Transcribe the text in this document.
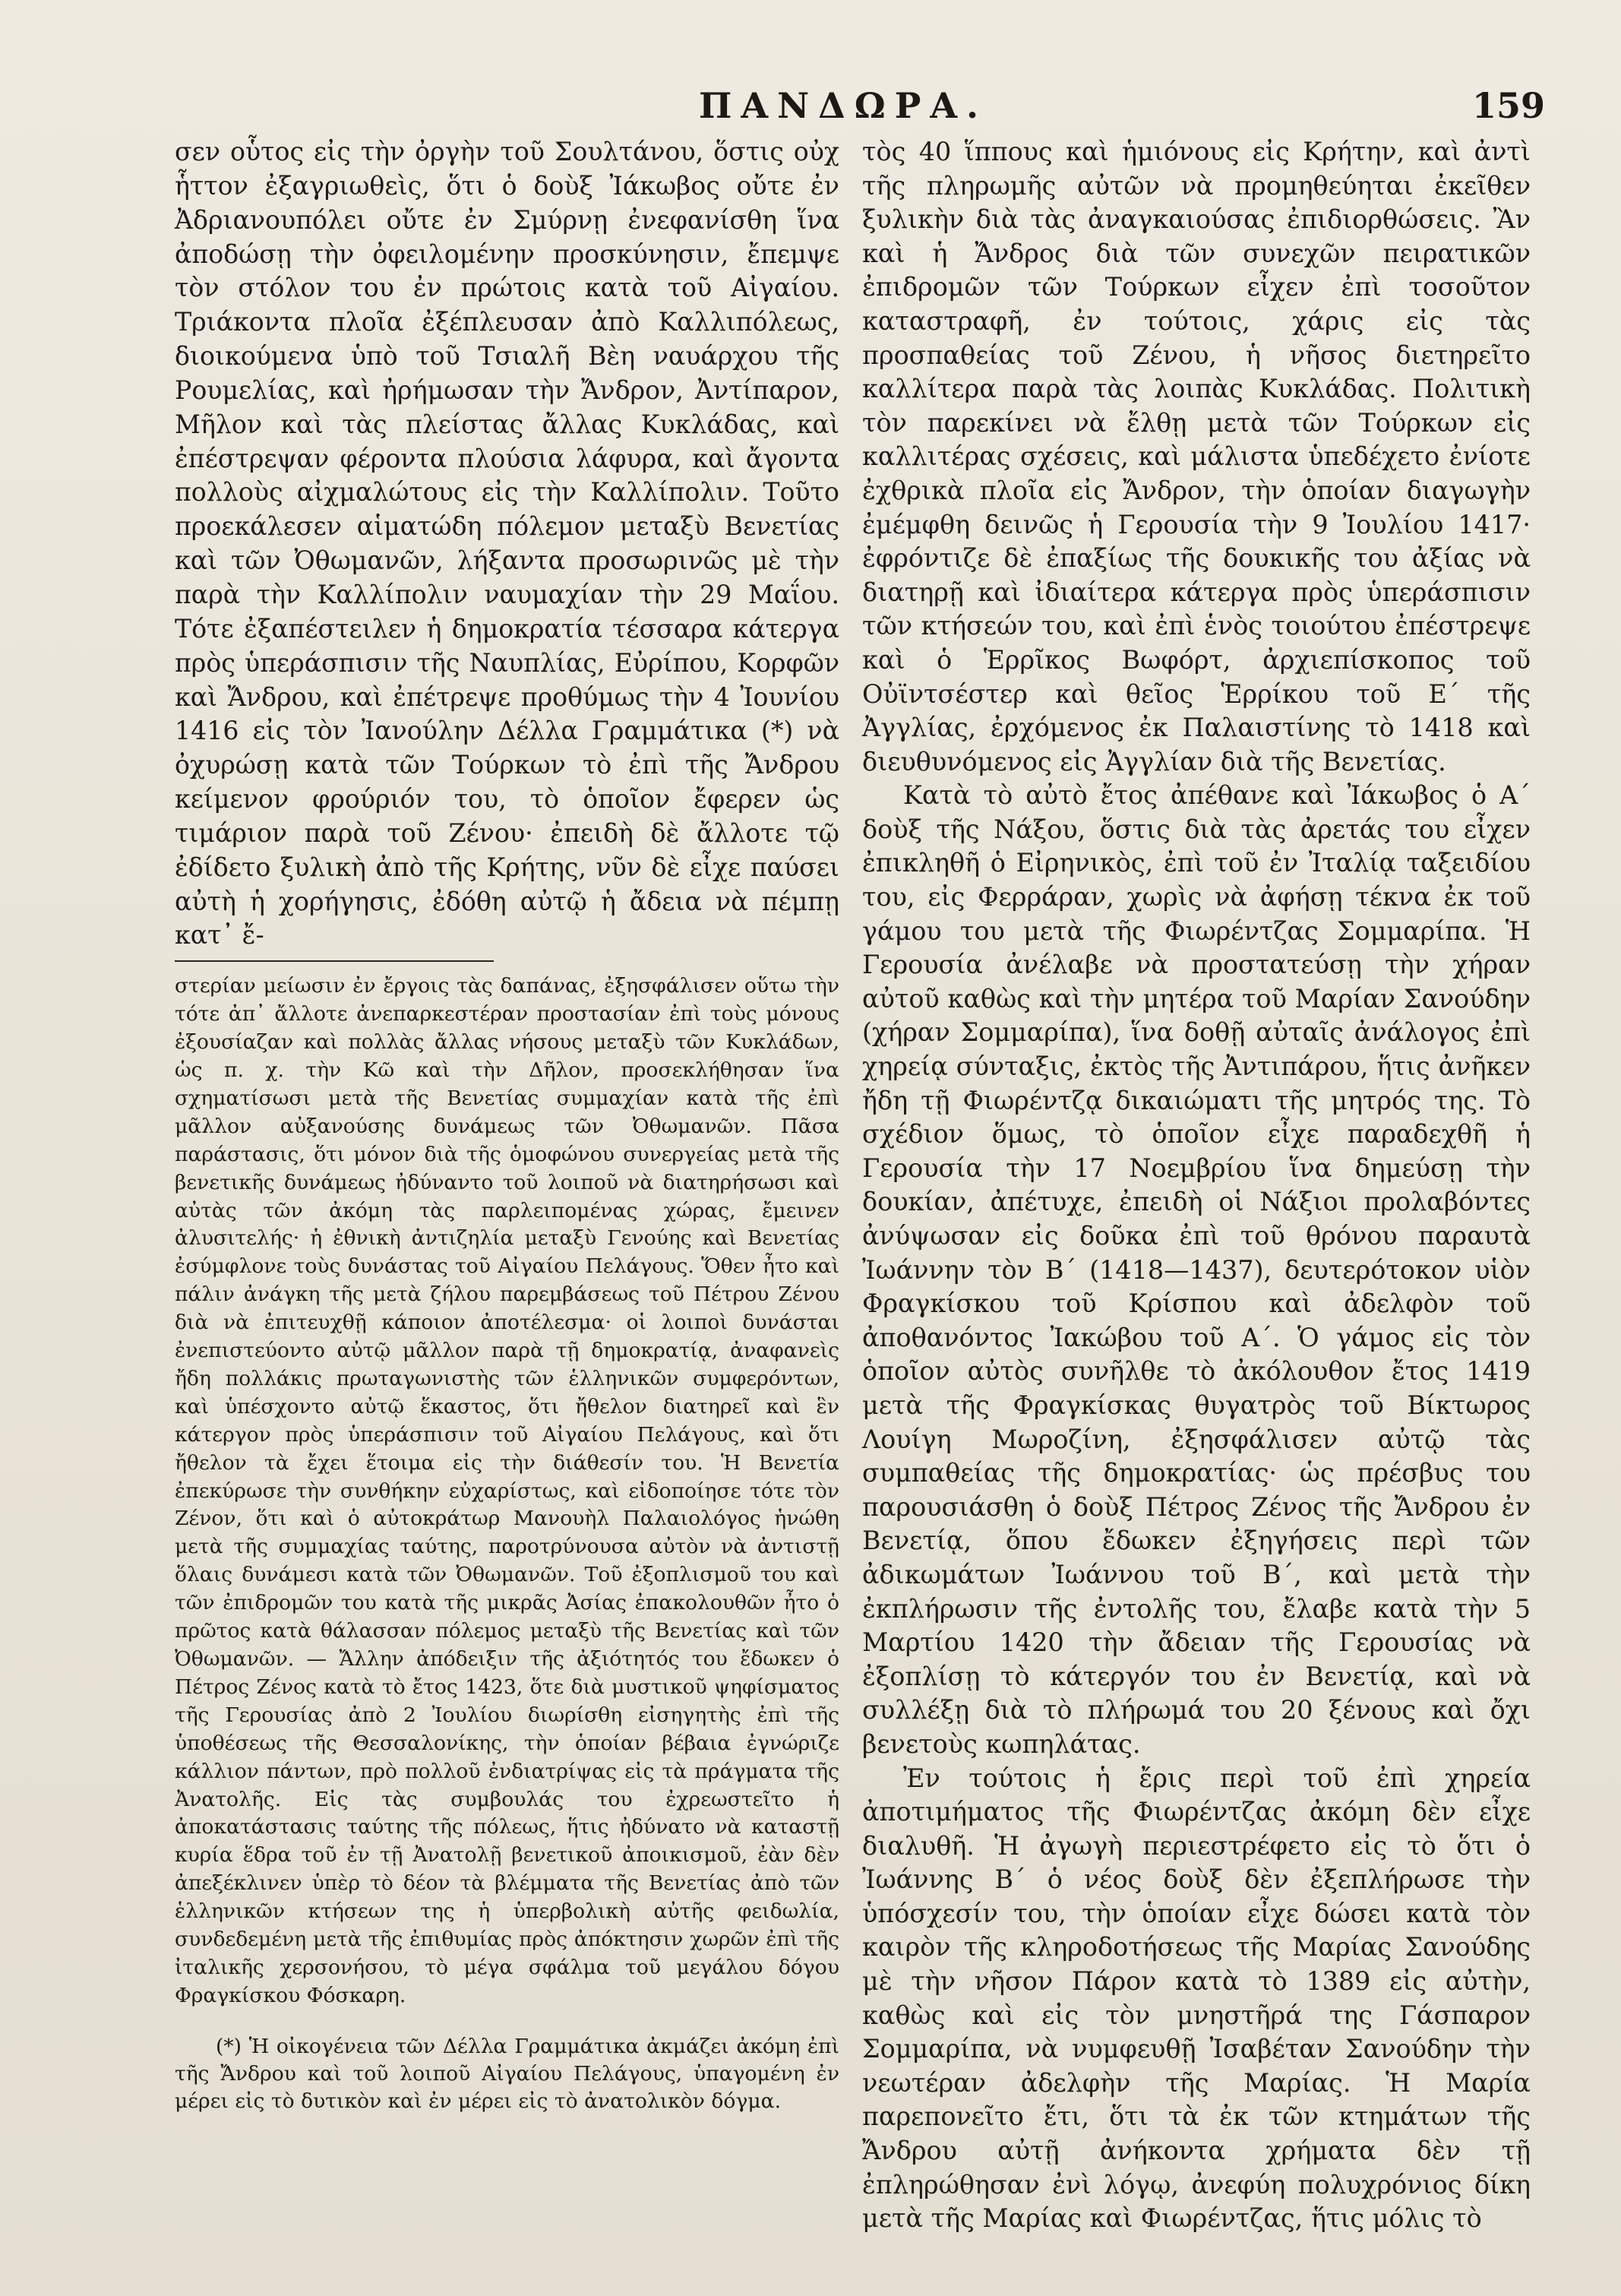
ΠΑΝΔΩΡΑ.	159

σεν οὗτος εἰς τὴν ὀργὴν τοῦ Σουλτάνου, ὅστις οὐχ ἧττον ἐξαγριωθεὶς, ὅτι ὁ δοὺξ Ἰάκωβος οὔτε ἐν Ἀδριανουπόλει οὔτε ἐν Σμύρνῃ ἐνεφανίσθη ἵνα ἀποδώσῃ τὴν ὀφειλομένην προσκύνησιν, ἔπεμψε τὸν στόλον του ἐν πρώτοις κατὰ τοῦ Αἰγαίου. Τριάκοντα πλοῖα ἐξέπλευσαν ἀπὸ Καλλιπόλεως, διοικούμενα ὑπὸ τοῦ Τσιαλῆ Βὲη ναυάρχου τῆς Ρουμελίας, καὶ ἠρήμωσαν τὴν Ἄνδρον, Ἀντίπαρον, Μῆλον καὶ τὰς πλείστας ἄλλας Κυκλάδας, καὶ ἐπέστρεψαν φέροντα πλούσια λάφυρα, καὶ ἄγοντα πολλοὺς αἰχμαλώτους εἰς τὴν Καλλίπολιν. Τοῦτο προεκάλεσεν αἱματώδη πόλεμον μεταξὺ Βενετίας καὶ τῶν Ὀθωμανῶν, λήξαντα προσωρινῶς μὲ τὴν παρὰ τὴν Καλλίπολιν ναυμαχίαν τὴν 29 Μαΐου. Τότε ἐξαπέστειλεν ἡ δημοκρατία τέσσαρα κάτεργα πρὸς ὑπεράσπισιν τῆς Ναυπλίας, Εὐρίπου, Κορφῶν καὶ Ἄνδρου, καὶ ἐπέτρεψε προθύμως τὴν 4 Ἰουνίου 1416 εἰς τὸν Ἰανούλην Δέλλα Γραμμάτικα (*) νὰ ὀχυρώσῃ κατὰ τῶν Τούρκων τὸ ἐπὶ τῆς Ἄνδρου κείμενον φρούριόν του, τὸ ὁποῖον ἔφερεν ὡς τιμάριον παρὰ τοῦ Ζένου· ἐπειδὴ δὲ ἄλλοτε τῷ ἐδίδετο ξυλικὴ ἀπὸ τῆς Κρήτης, νῦν δὲ εἶχε παύσει αὐτὴ ἡ χορήγησις, ἐδόθη αὐτῷ ἡ ἄδεια νὰ πέμπῃ κατ᾽ ἔ-

στερίαν μείωσιν ἐν ἔργοις τὰς δαπάνας, ἐξησφάλισεν οὕτω τὴν τότε ἀπ᾽ ἄλλοτε ἀνεπαρκεστέραν προστασίαν ἐπὶ τοὺς μόνους ἐξουσίαζαν καὶ πολλὰς ἄλλας νήσους μεταξὺ τῶν Κυκλάδων, ὡς π. χ. τὴν Κῶ καὶ τὴν Δῆλον, προσεκλήθησαν ἵνα σχηματίσωσι μετὰ τῆς Βενετίας συμμαχίαν κατὰ τῆς ἐπὶ μᾶλλον αὐξανούσης δυνάμεως τῶν Ὀθωμανῶν. Πᾶσα παράστασις, ὅτι μόνον διὰ τῆς ὁμοφώνου συνεργείας μετὰ τῆς βενετικῆς δυνάμεως ἠδύναντο τοῦ λοιποῦ νὰ διατηρήσωσι καὶ αὐτὰς τῶν ἀκόμη τὰς παρλειπομένας χώρας, ἔμεινεν ἀλυσιτελής· ἡ ἐθνικὴ ἀντιζηλία μεταξὺ Γενούης καὶ Βενετίας ἐσύμφλονε τοὺς δυνάστας τοῦ Αἰγαίου Πελάγους. Ὅθεν ἦτο καὶ πάλιν ἀνάγκη τῆς μετὰ ζήλου παρεμβάσεως τοῦ Πέτρου Ζένου διὰ νὰ ἐπιτευχθῇ κάποιον ἀποτέλεσμα· οἱ λοιποὶ δυνάσται ἐνεπιστεύοντο αὐτῷ μᾶλλον παρὰ τῇ δημοκρατίᾳ, ἀναφανεὶς ἤδη πολλάκις πρωταγωνιστὴς τῶν ἑλληνικῶν συμφερόντων, καὶ ὑπέσχοντο αὐτῷ ἕκαστος, ὅτι ἤθελον διατηρεῖ καὶ ἓν κάτεργον πρὸς ὑπεράσπισιν τοῦ Αἰγαίου Πελάγους, καὶ ὅτι ἤθελον τὰ ἔχει ἕτοιμα εἰς τὴν διάθεσίν του. Ἡ Βενετία ἐπεκύρωσε τὴν συνθήκην εὐχαρίστως, καὶ εἰδοποίησε τότε τὸν Ζένον, ὅτι καὶ ὁ αὐτοκράτωρ Μανουὴλ Παλαιολόγος ἡνώθη μετὰ τῆς συμμαχίας ταύτης, παροτρύνουσα αὐτὸν νὰ ἀντιστῇ ὅλαις δυνάμεσι κατὰ τῶν Ὀθωμανῶν. Τοῦ ἐξοπλισμοῦ του καὶ τῶν ἐπιδρομῶν του κατὰ τῆς μικρᾶς Ἀσίας ἐπακολουθῶν ἦτο ὁ πρῶτος κατὰ θάλασσαν πόλεμος μεταξὺ τῆς Βενετίας καὶ τῶν Ὀθωμανῶν. — Ἄλλην ἀπόδειξιν τῆς ἀξιότητός του ἔδωκεν ὁ Πέτρος Ζένος κατὰ τὸ ἔτος 1423, ὅτε διὰ μυστικοῦ ψηφίσματος τῆς Γερουσίας ἀπὸ 2 Ἰουλίου διωρίσθη εἰσηγητὴς ἐπὶ τῆς ὑποθέσεως τῆς Θεσσαλονίκης, τὴν ὁποίαν βέβαια ἐγνώριζε κάλλιον πάντων, πρὸ πολλοῦ ἐνδιατρίψας εἰς τὰ πράγματα τῆς Ἀνατολῆς. Εἰς τὰς συμβουλάς του ἐχρεωστεῖτο ἡ ἀποκατάστασις ταύτης τῆς πόλεως, ἥτις ἠδύνατο νὰ καταστῇ κυρία ἕδρα τοῦ ἐν τῇ Ἀνατολῇ βενετικοῦ ἀποικισμοῦ, ἐὰν δὲν ἀπεξέκλινεν ὑπὲρ τὸ δέον τὰ βλέμματα τῆς Βενετίας ἀπὸ τῶν ἑλληνικῶν κτήσεων της ἡ ὑπερβολικὴ αὐτῆς φειδωλία, συνδεδεμένη μετὰ τῆς ἐπιθυμίας πρὸς ἀπόκτησιν χωρῶν ἐπὶ τῆς ἰταλικῆς χερσονήσου, τὸ μέγα σφάλμα τοῦ μεγάλου δόγου Φραγκίσκου Φόσκαρη.

(*) Ἡ οἰκογένεια τῶν Δέλλα Γραμμάτικα ἀκμάζει ἀκόμη ἐπὶ τῆς Ἄνδρου καὶ τοῦ λοιποῦ Αἰγαίου Πελάγους, ὑπαγομένη ἐν μέρει εἰς τὸ δυτικὸν καὶ ἐν μέρει εἰς τὸ ἀνατολικὸν δόγμα.

τὸς 40 ἵππους καὶ ἡμιόνους εἰς Κρήτην, καὶ ἀντὶ τῆς πληρωμῆς αὐτῶν νὰ προμηθεύηται ἐκεῖθεν ξυλικὴν διὰ τὰς ἀναγκαιούσας ἐπιδιορθώσεις. Ἂν καὶ ἡ Ἄνδρος διὰ τῶν συνεχῶν πειρατικῶν ἐπιδρομῶν τῶν Τούρκων εἶχεν ἐπὶ τοσοῦτον καταστραφῆ, ἐν τούτοις, χάρις εἰς τὰς προσπαθείας τοῦ Ζένου, ἡ νῆσος διετηρεῖτο καλλίτερα παρὰ τὰς λοιπὰς Κυκλάδας. Πολιτικὴ τὸν παρεκίνει νὰ ἔλθῃ μετὰ τῶν Τούρκων εἰς καλλιτέρας σχέσεις, καὶ μάλιστα ὑπεδέχετο ἐνίοτε ἐχθρικὰ πλοῖα εἰς Ἄνδρον, τὴν ὁποίαν διαγωγὴν ἐμέμφθη δεινῶς ἡ Γερουσία τὴν 9 Ἰουλίου 1417· ἐφρόντιζε δὲ ἐπαξίως τῆς δουκικῆς του ἀξίας νὰ διατηρῇ καὶ ἰδιαίτερα κάτεργα πρὸς ὑπεράσπισιν τῶν κτήσεών του, καὶ ἐπὶ ἑνὸς τοιούτου ἐπέστρεψε καὶ ὁ Ἑρρῖκος Βωφόρτ, ἀρχιεπίσκοπος τοῦ Οὐϊντσέστερ καὶ θεῖος Ἑρρίκου τοῦ Ε΄ τῆς Ἀγγλίας, ἐρχόμενος ἐκ Παλαιστίνης τὸ 1418 καὶ διευθυνόμενος εἰς Ἀγγλίαν διὰ τῆς Βενετίας.

Κατὰ τὸ αὐτὸ ἔτος ἀπέθανε καὶ Ἰάκωβος ὁ Α΄ δοὺξ τῆς Νάξου, ὅστις διὰ τὰς ἀρετάς του εἶχεν ἐπικληθῆ ὁ Εἰρηνικὸς, ἐπὶ τοῦ ἐν Ἰταλίᾳ ταξειδίου του, εἰς Φερράραν, χωρὶς νὰ ἀφήσῃ τέκνα ἐκ τοῦ γάμου του μετὰ τῆς Φιωρέντζας Σομμαρίπα. Ἡ Γερουσία ἀνέλαβε νὰ προστατεύσῃ τὴν χήραν αὐτοῦ καθὼς καὶ τὴν μητέρα τοῦ Μαρίαν Σανούδην (χήραν Σομμαρίπα), ἵνα δοθῇ αὐταῖς ἀνάλογος ἐπὶ χηρείᾳ σύνταξις, ἐκτὸς τῆς Ἀντιπάρου, ἥτις ἀνῆκεν ἤδη τῇ Φιωρέντζᾳ δικαιώματι τῆς μητρός της. Τὸ σχέδιον ὅμως, τὸ ὁποῖον εἶχε παραδεχθῆ ἡ Γερουσία τὴν 17 Νοεμβρίου ἵνα δημεύσῃ τὴν δουκίαν, ἀπέτυχε, ἐπειδὴ οἱ Νάξιοι προλαβόντες ἀνύψωσαν εἰς δοῦκα ἐπὶ τοῦ θρόνου παραυτὰ Ἰωάννην τὸν Β΄ (1418—1437), δευτερότοκον υἱὸν Φραγκίσκου τοῦ Κρίσπου καὶ ἀδελφὸν τοῦ ἀποθανόντος Ἰακώβου τοῦ Α΄. Ὁ γάμος εἰς τὸν ὁποῖον αὐτὸς συνῆλθε τὸ ἀκόλουθον ἔτος 1419 μετὰ τῆς Φραγκίσκας θυγατρὸς τοῦ Βίκτωρος Λουίγη Μωροζίνη, ἐξησφάλισεν αὐτῷ τὰς συμπαθείας τῆς δημοκρατίας· ὡς πρέσβυς του παρουσιάσθη ὁ δοὺξ Πέτρος Ζένος τῆς Ἄνδρου ἐν Βενετίᾳ, ὅπου ἔδωκεν ἐξηγήσεις περὶ τῶν ἀδικωμάτων Ἰωάννου τοῦ Β΄, καὶ μετὰ τὴν ἐκπλήρωσιν τῆς ἐντολῆς του, ἔλαβε κατὰ τὴν 5 Μαρτίου 1420 τὴν ἄδειαν τῆς Γερουσίας νὰ ἐξοπλίσῃ τὸ κάτεργόν του ἐν Βενετίᾳ, καὶ νὰ συλλέξῃ διὰ τὸ πλήρωμά του 20 ξένους καὶ ὄχι βενετοὺς κωπηλάτας.

Ἐν τούτοις ἡ ἔρις περὶ τοῦ ἐπὶ χηρεία ἀποτιμήματος τῆς Φιωρέντζας ἀκόμη δὲν εἶχε διαλυθῆ. Ἡ ἀγωγὴ περιεστρέφετο εἰς τὸ ὅτι ὁ Ἰωάννης Β΄ ὁ νέος δοὺξ δὲν ἐξεπλήρωσε τὴν ὑπόσχεσίν του, τὴν ὁποίαν εἶχε δώσει κατὰ τὸν καιρὸν τῆς κληροδοτήσεως τῆς Μαρίας Σανούδης μὲ τὴν νῆσον Πάρον κατὰ τὸ 1389 εἰς αὐτὴν, καθὼς καὶ εἰς τὸν μνηστῆρά της Γάσπαρον Σομμαρίπα, νὰ νυμφευθῇ Ἰσαβέταν Σανούδην τὴν νεωτέραν ἀδελφὴν τῆς Μαρίας. Ἡ Μαρία παρεπονεῖτο ἔτι, ὅτι τὰ ἐκ τῶν κτημάτων τῆς Ἄνδρου αὐτῇ ἀνήκοντα χρήματα δὲν τῇ ἐπληρώθησαν ἐνὶ λόγῳ, ἀνεφύη πολυχρόνιος δίκη μετὰ τῆς Μαρίας καὶ Φιωρέντζας, ἥτις μόλις τὸ
